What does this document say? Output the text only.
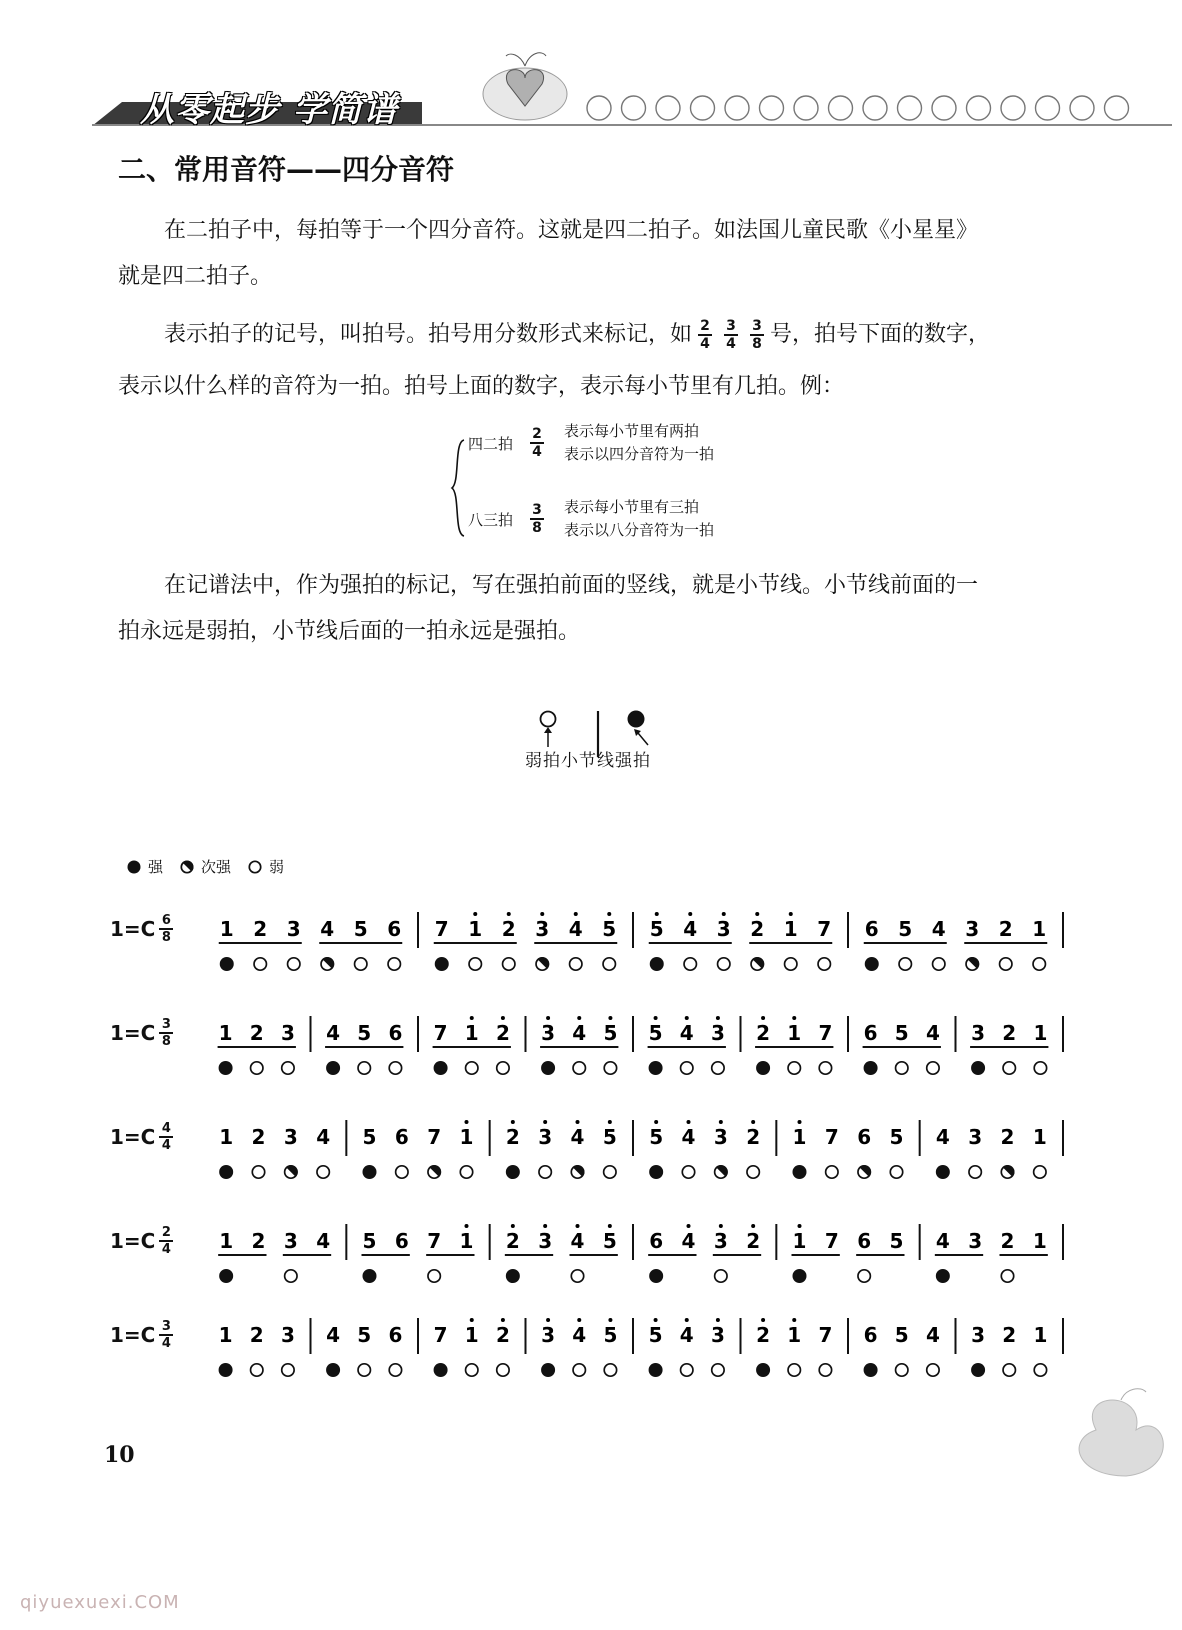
从零起步 学简谱
二、常用音符——四分音符
在二拍子中，每拍等于一个四分音符。这就是四二拍子。如法国儿童民歌《小星星》
就是四二拍子。
表示拍子的记号，叫拍号。拍号用分数形式来标记，如 $\frac{2}{4} \frac{3}{4} \frac{3}{8}$ 号，拍号下面的数字，
表示以什么样的音符为一拍。拍号上面的数字，表示每小节里有几拍。例：
四二拍	$\frac{2}{4}$ 表示每小节里有两拍
表示以四分音符为一拍
八三拍	$\frac{3}{8}$ 表示每小节里有三拍
表示以八分音符为一拍
在记谱法中，作为强拍的标记，写在强拍前面的竖线，就是小节线。小节线前面的一
拍永远是弱拍，小节线后面的一拍永远是强拍。
弱拍小节线强拍
强	次强	弱
$1=C \frac{6}{8} 1$ 2 3 4 5 6 7 1 2 3 4 5 5 4 3 2 1 7 6 5 4 3 2 1
$1=C \frac{3}{8} 1$ 2 3 4 5 6 7 1 2 3 4 5 5 4 3 2 1 7 6 5 4 3 2 1
$1=C \frac{4}{4} 1$ 2 3 4 5 6 7 1 2 3 4 5 5 4 3 2 1 7 6 5 4 3 2 1
$1=C \frac{2}{4} 1$ 2 3 4 5 6 7 1 2 3 4 5 6 4 3 2 1 7 6 5 4 3 2 1
$1=C \frac{3}{4} 1$ 2 3 4 5 6 7 1 2 3 4 5 5 4 3 2 1 7 6 5 4 3 2 1
10
qiyuexuexi.COM
